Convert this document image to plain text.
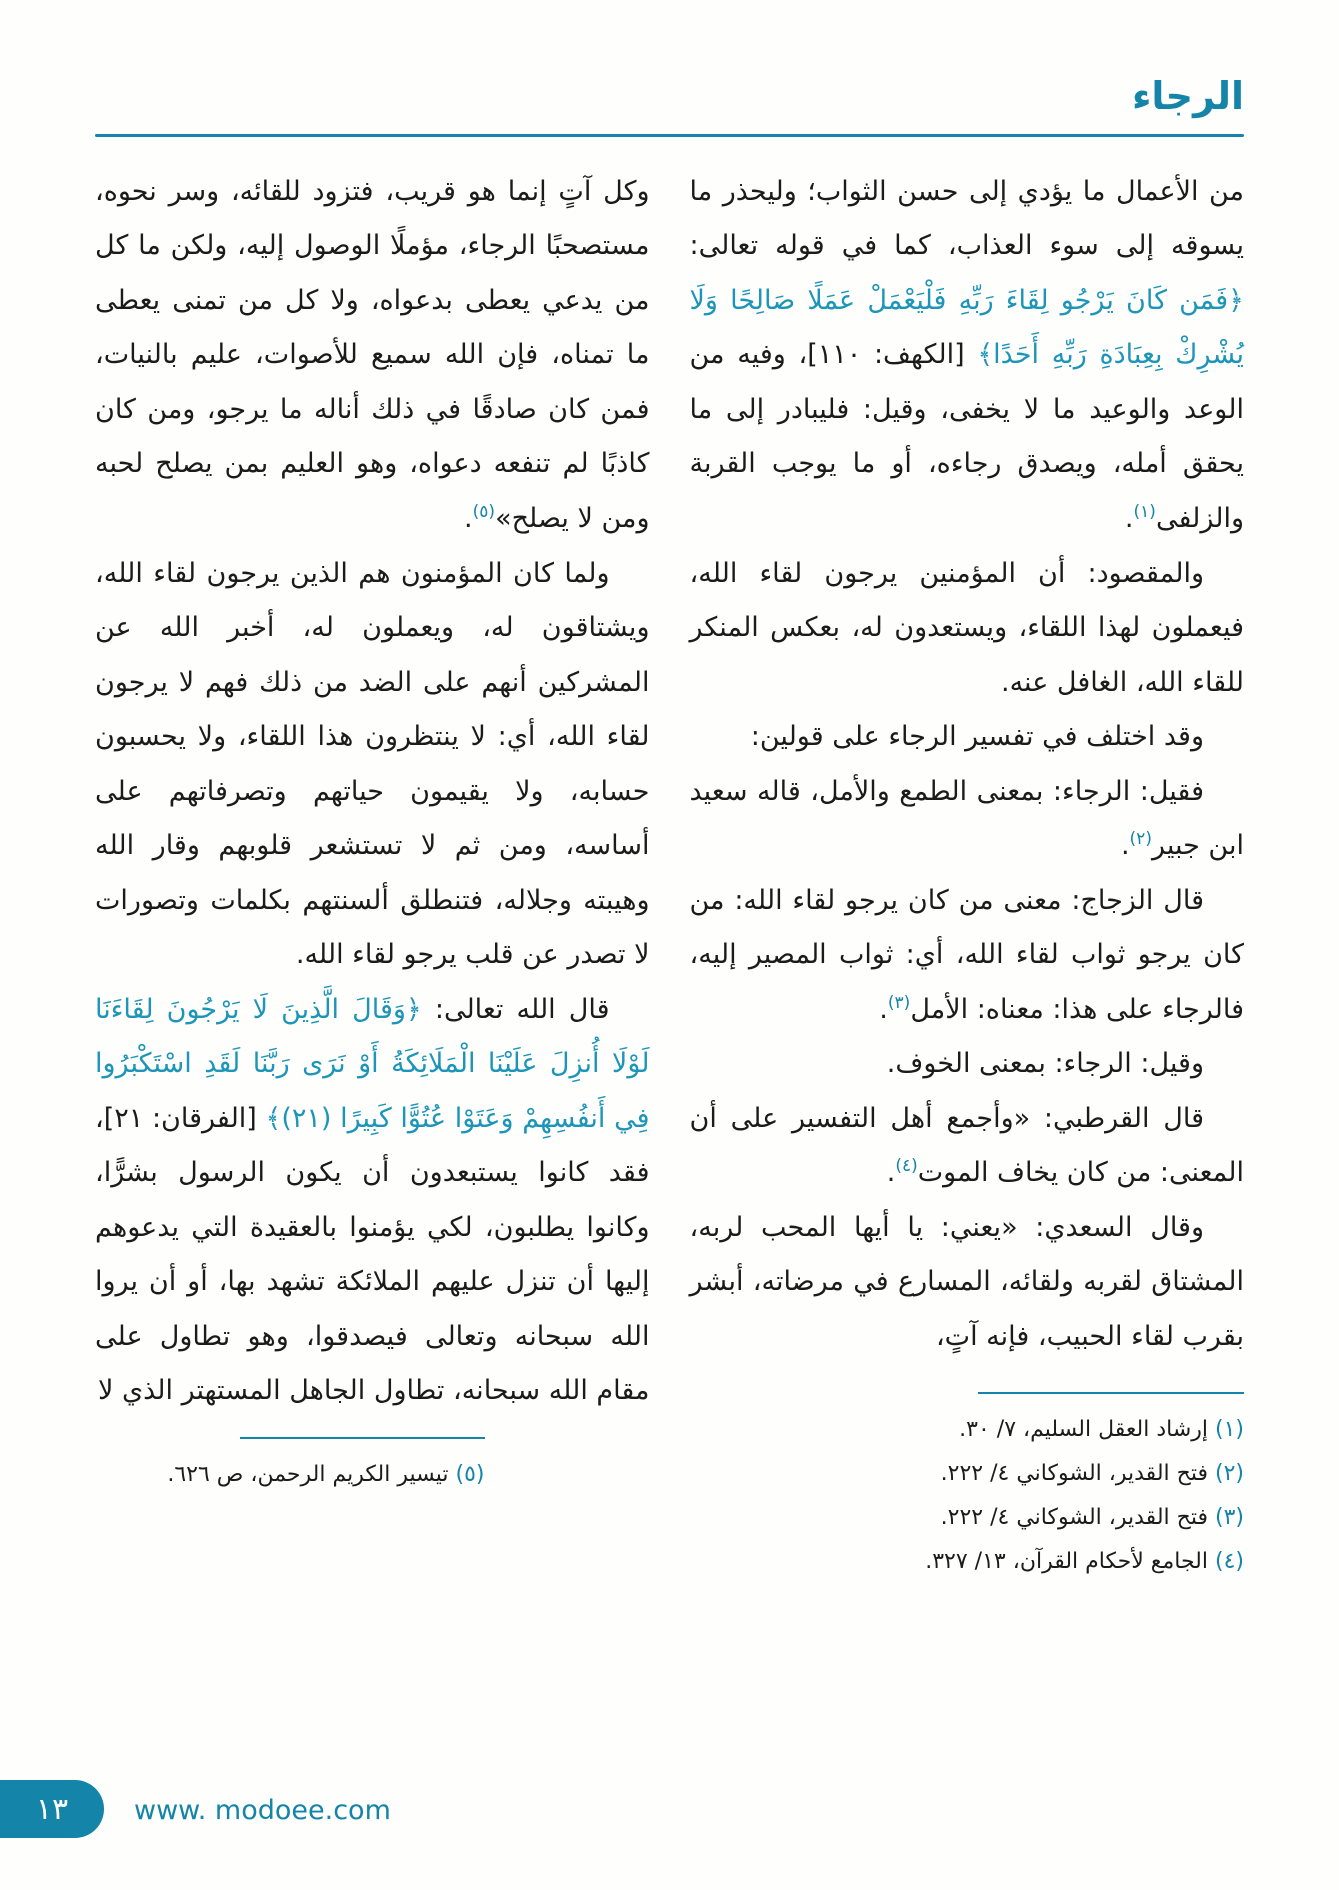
الرجاء

من الأعمال ما يؤدي إلى حسن الثواب؛ وليحذر ما يسوقه إلى سوء العذاب، كما في قوله تعالى: ﴿فَمَن كَانَ يَرْجُو لِقَاءَ رَبِّهِ فَلْيَعْمَلْ عَمَلًا صَالِحًا وَلَا يُشْرِكْ بِعِبَادَةِ رَبِّهِ أَحَدًا﴾ [الكهف: ١١٠]، وفيه من الوعد والوعيد ما لا يخفى، وقيل: فليبادر إلى ما يحقق أمله، ويصدق رجاءه، أو ما يوجب القربة والزلفى$^{(١)}$.

والمقصود: أن المؤمنين يرجون لقاء الله، فيعملون لهذا اللقاء، ويستعدون له، بعكس المنكر للقاء الله، الغافل عنه.

وقد اختلف في تفسير الرجاء على قولين:

فقيل: الرجاء: بمعنى الطمع والأمل، قاله سعيد ابن جبير$^{(٢)}$.

قال الزجاج: معنى من كان يرجو لقاء الله: من كان يرجو ثواب لقاء الله، أي: ثواب المصير إليه، فالرجاء على هذا: معناه: الأمل$^{(٣)}$.

وقيل: الرجاء: بمعنى الخوف.

قال القرطبي: «وأجمع أهل التفسير على أن المعنى: من كان يخاف الموت$^{(٤)}$.

وقال السعدي: «يعني: يا أيها المحب لربه، المشتاق لقربه ولقائه، المسارع في مرضاته، أبشر بقرب لقاء الحبيب، فإنه آتٍ،

(١) إرشاد العقل السليم، ٧/ ٣٠.

(٢) فتح القدير، الشوكاني ٤/ ٢٢٢.

(٣) فتح القدير، الشوكاني ٤/ ٢٢٢.

(٤) الجامع لأحكام القرآن، ١٣/ ٣٢٧.

وكل آتٍ إنما هو قريب، فتزود للقائه، وسر نحوه، مستصحبًا الرجاء، مؤملًا الوصول إليه، ولكن ما كل من يدعي يعطى بدعواه، ولا كل من تمنى يعطى ما تمناه، فإن الله سميع للأصوات، عليم بالنيات، فمن كان صادقًا في ذلك أناله ما يرجو، ومن كان كاذبًا لم تنفعه دعواه، وهو العليم بمن يصلح لحبه ومن لا يصلح»$^{(٥)}$.

ولما كان المؤمنون هم الذين يرجون لقاء الله، ويشتاقون له، ويعملون له، أخبر الله عن المشركين أنهم على الضد من ذلك فهم لا يرجون لقاء الله، أي: لا ينتظرون هذا اللقاء، ولا يحسبون حسابه، ولا يقيمون حياتهم وتصرفاتهم على أساسه، ومن ثم لا تستشعر قلوبهم وقار الله وهيبته وجلاله، فتنطلق ألسنتهم بكلمات وتصورات لا تصدر عن قلب يرجو لقاء الله.

قال الله تعالى: ﴿وَقَالَ الَّذِينَ لَا يَرْجُونَ لِقَاءَنَا لَوْلَا أُنزِلَ عَلَيْنَا الْمَلَائِكَةُ أَوْ نَرَى رَبَّنَا لَقَدِ اسْتَكْبَرُوا فِي أَنفُسِهِمْ وَعَتَوْا عُتُوًّا كَبِيرًا (٢١)﴾ [الفرقان: ٢١]، فقد كانوا يستبعدون أن يكون الرسول بشرًّا، وكانوا يطلبون، لكي يؤمنوا بالعقيدة التي يدعوهم إليها أن تنزل عليهم الملائكة تشهد بها، أو أن يروا الله سبحانه وتعالى فيصدقوا، وهو تطاول على مقام الله سبحانه، تطاول الجاهل المستهتر الذي لا

(٥) تيسير الكريم الرحمن، ص ٦٢٦.

١٣ www. modoee.com
